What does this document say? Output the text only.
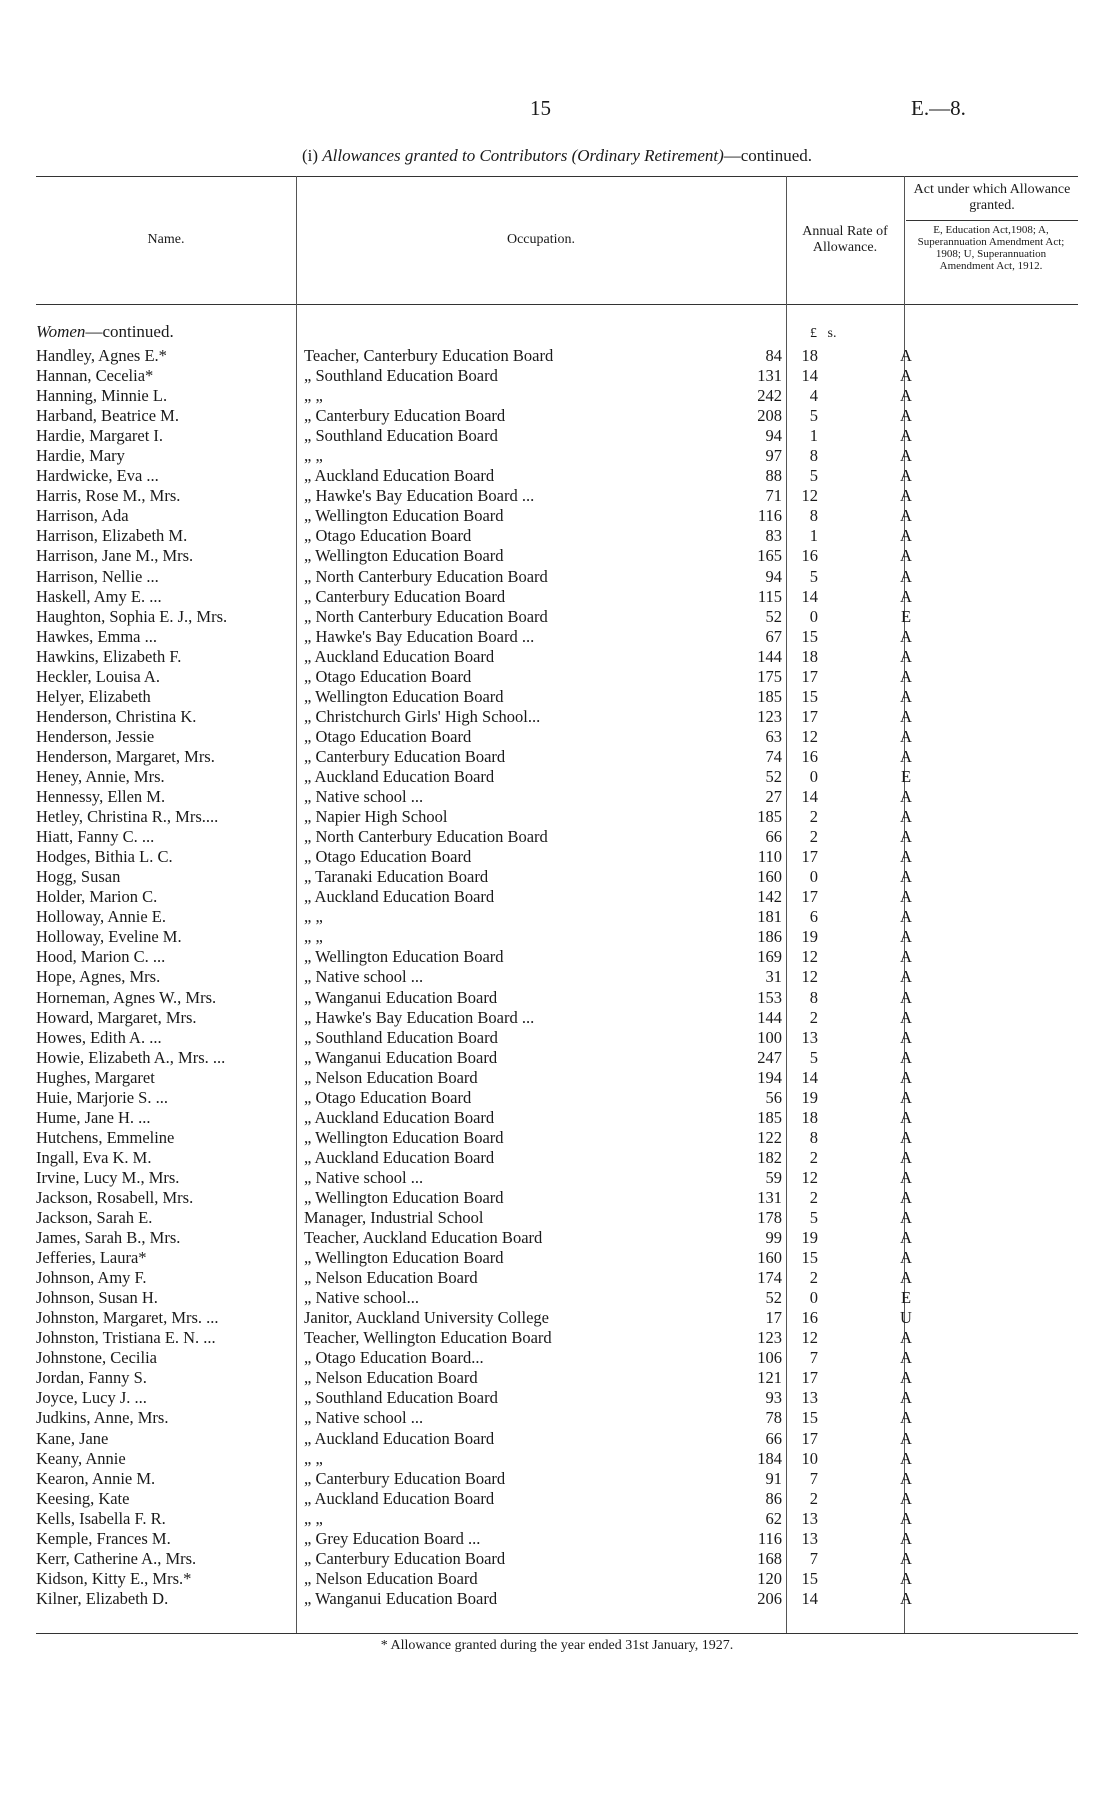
15	E.—8.
(i) Allowances granted to Contributors (Ordinary Retirement)—continued.
Name.	Occupation.
Annual Rate of Allowance.
Act under which Allowance granted.
E, Education Act,1908; A, Superannuation Amendment Act; 1908; U, Superannuation Amendment Act, 1912.
Women—continued.	£ s.
Handley, Agnes E.*	Teacher, Canterbury Education Board	84	18	A
Hannan, Cecelia*	„ Southland Education Board	131	14	A
Hanning, Minnie L.	„ „	242	4	A
Harband, Beatrice M.	„ Canterbury Education Board	208	5	A
Hardie, Margaret I.	„ Southland Education Board	94	1	A
Hardie, Mary	„ „	97	8	A
Hardwicke, Eva ...	„ Auckland Education Board	88	5	A
Harris, Rose M., Mrs.	„ Hawke's Bay Education Board ...	71	12	A
Harrison, Ada	„ Wellington Education Board	116	8	A
Harrison, Elizabeth M.	„ Otago Education Board	83	1	A
Harrison, Jane M., Mrs.	„ Wellington Education Board	165	16	A
Harrison, Nellie ...	„ North Canterbury Education Board	94	5	A
Haskell, Amy E. ...	„ Canterbury Education Board	115	14	A
Haughton, Sophia E. J., Mrs.	„ North Canterbury Education Board	52	0	E
Hawkes, Emma ...	„ Hawke's Bay Education Board ...	67	15	A
Hawkins, Elizabeth F.	„ Auckland Education Board	144	18	A
Heckler, Louisa A.	„ Otago Education Board	175	17	A
Helyer, Elizabeth	„ Wellington Education Board	185	15	A
Henderson, Christina K.	„ Christchurch Girls' High School...	123	17	A
Henderson, Jessie	„ Otago Education Board	63	12	A
Henderson, Margaret, Mrs.	„ Canterbury Education Board	74	16	A
Heney, Annie, Mrs.	„ Auckland Education Board	52	0	E
Hennessy, Ellen M.	„ Native school ...	27	14	A
Hetley, Christina R., Mrs....	„ Napier High School	185	2	A
Hiatt, Fanny C. ...	„ North Canterbury Education Board	66	2	A
Hodges, Bithia L. C.	„ Otago Education Board	110	17	A
Hogg, Susan	„ Taranaki Education Board	160	0	A
Holder, Marion C.	„ Auckland Education Board	142	17	A
Holloway, Annie E.	„ „	181	6	A
Holloway, Eveline M.	„ „	186	19	A
Hood, Marion C. ...	„ Wellington Education Board	169	12	A
Hope, Agnes, Mrs.	„ Native school ...	31	12	A
Horneman, Agnes W., Mrs.	„ Wanganui Education Board	153	8	A
Howard, Margaret, Mrs.	„ Hawke's Bay Education Board ...	144	2	A
Howes, Edith A. ...	„ Southland Education Board	100	13	A
Howie, Elizabeth A., Mrs. ...	„ Wanganui Education Board	247	5	A
Hughes, Margaret	„ Nelson Education Board	194	14	A
Huie, Marjorie S. ...	„ Otago Education Board	56	19	A
Hume, Jane H. ...	„ Auckland Education Board	185	18	A
Hutchens, Emmeline	„ Wellington Education Board	122	8	A
Ingall, Eva K. M.	„ Auckland Education Board	182	2	A
Irvine, Lucy M., Mrs.	„ Native school ...	59	12	A
Jackson, Rosabell, Mrs.	„ Wellington Education Board	131	2	A
Jackson, Sarah E.	Manager, Industrial School	178	5	A
James, Sarah B., Mrs.	Teacher, Auckland Education Board	99	19	A
Jefferies, Laura*	„ Wellington Education Board	160	15	A
Johnson, Amy F.	„ Nelson Education Board	174	2	A
Johnson, Susan H.	„ Native school...	52	0	E
Johnston, Margaret, Mrs. ...	Janitor, Auckland University College	17	16	U
Johnston, Tristiana E. N. ...	Teacher, Wellington Education Board	123	12	A
Johnstone, Cecilia	„ Otago Education Board...	106	7	A
Jordan, Fanny S.	„ Nelson Education Board	121	17	A
Joyce, Lucy J. ...	„ Southland Education Board	93	13	A
Judkins, Anne, Mrs.	„ Native school ...	78	15	A
Kane, Jane	„ Auckland Education Board	66	17	A
Keany, Annie	„ „	184	10	A
Kearon, Annie M.	„ Canterbury Education Board	91	7	A
Keesing, Kate	„ Auckland Education Board	86	2	A
Kells, Isabella F. R.	„ „	62	13	A
Kemple, Frances M.	„ Grey Education Board ...	116	13	A
Kerr, Catherine A., Mrs.	„ Canterbury Education Board	168	7	A
Kidson, Kitty E., Mrs.*	„ Nelson Education Board	120	15	A
Kilner, Elizabeth D.	„ Wanganui Education Board	206	14	A
* Allowance granted during the year ended 31st January, 1927.
